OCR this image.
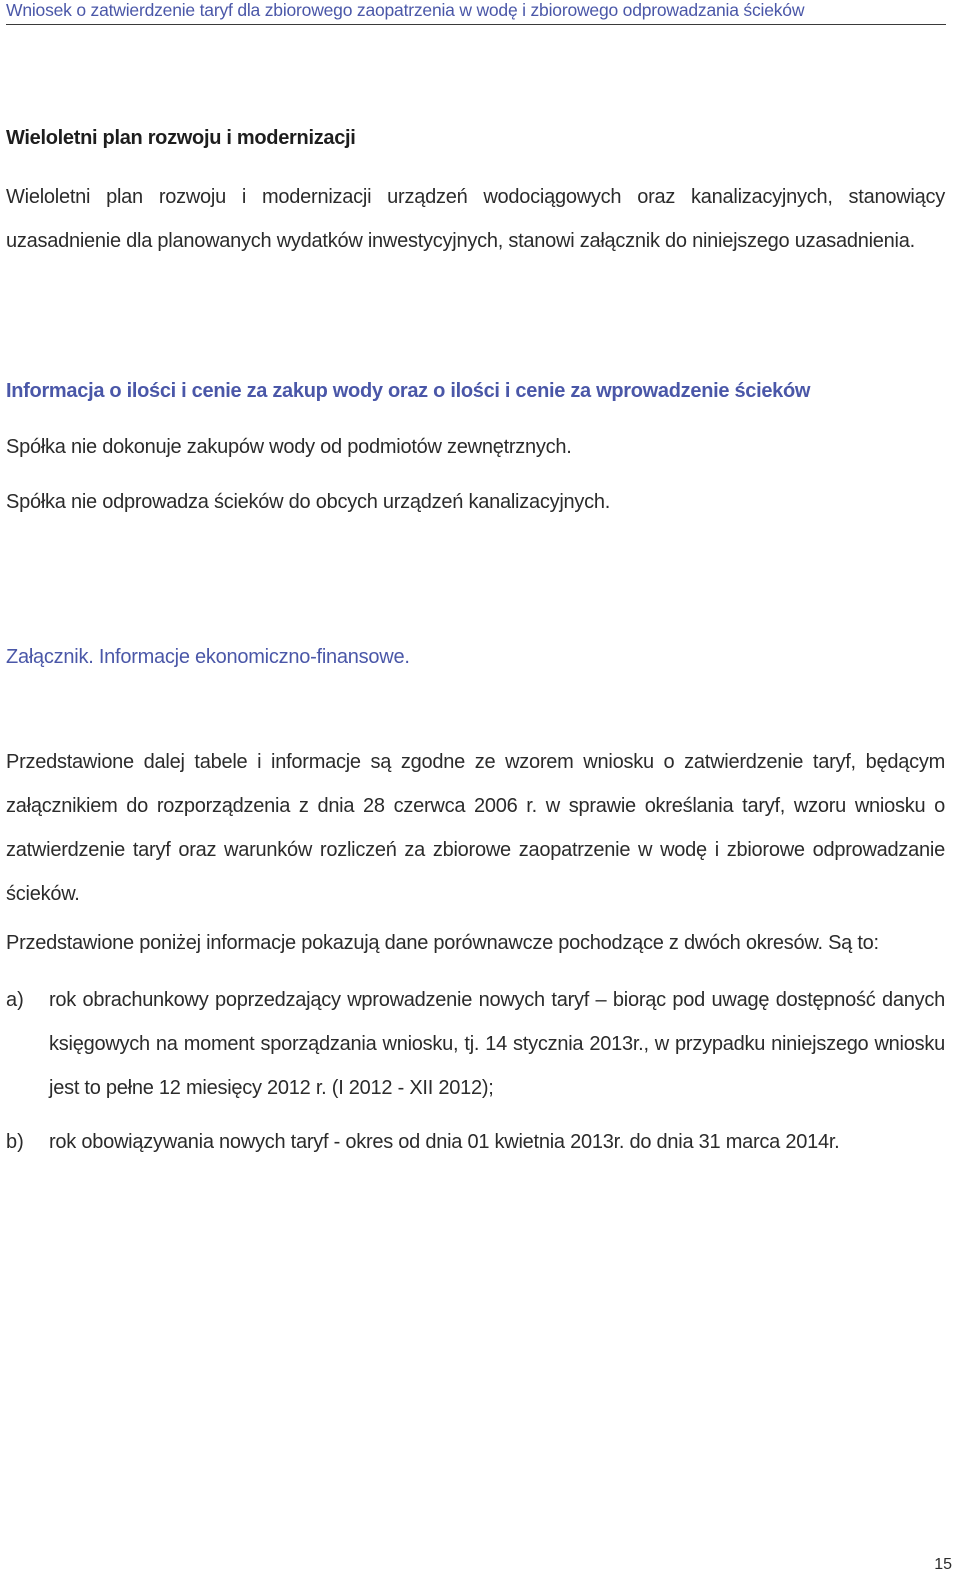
Wniosek o zatwierdzenie taryf dla zbiorowego zaopatrzenia w wodę i zbiorowego odprowadzania ścieków
Wieloletni plan rozwoju i modernizacji
Wieloletni plan rozwoju i modernizacji urządzeń wodociągowych oraz kanalizacyjnych, stanowiący uzasadnienie dla planowanych wydatków inwestycyjnych, stanowi załącznik do niniejszego uzasadnienia.
Informacja o ilości i cenie za zakup wody oraz o ilości i cenie za wprowadzenie ścieków
Spółka nie dokonuje zakupów wody od podmiotów zewnętrznych.
Spółka nie odprowadza ścieków do obcych urządzeń kanalizacyjnych.
Załącznik. Informacje ekonomiczno-finansowe.
Przedstawione dalej tabele i informacje są zgodne ze wzorem wniosku o zatwierdzenie taryf, będącym załącznikiem do rozporządzenia z dnia 28 czerwca 2006 r. w sprawie określania taryf, wzoru wniosku o zatwierdzenie taryf oraz warunków rozliczeń za zbiorowe zaopatrzenie w wodę i zbiorowe odprowadzanie ścieków.
Przedstawione poniżej informacje pokazują dane porównawcze pochodzące z dwóch okresów. Są to:
a) rok obrachunkowy poprzedzający wprowadzenie nowych taryf – biorąc pod uwagę dostępność danych księgowych na moment sporządzania wniosku, tj. 14 stycznia 2013r., w przypadku niniejszego wniosku jest to pełne 12 miesięcy 2012 r. (I 2012 - XII 2012);
b) rok obowiązywania nowych taryf - okres od dnia 01 kwietnia 2013r. do dnia 31 marca 2014r.
15
